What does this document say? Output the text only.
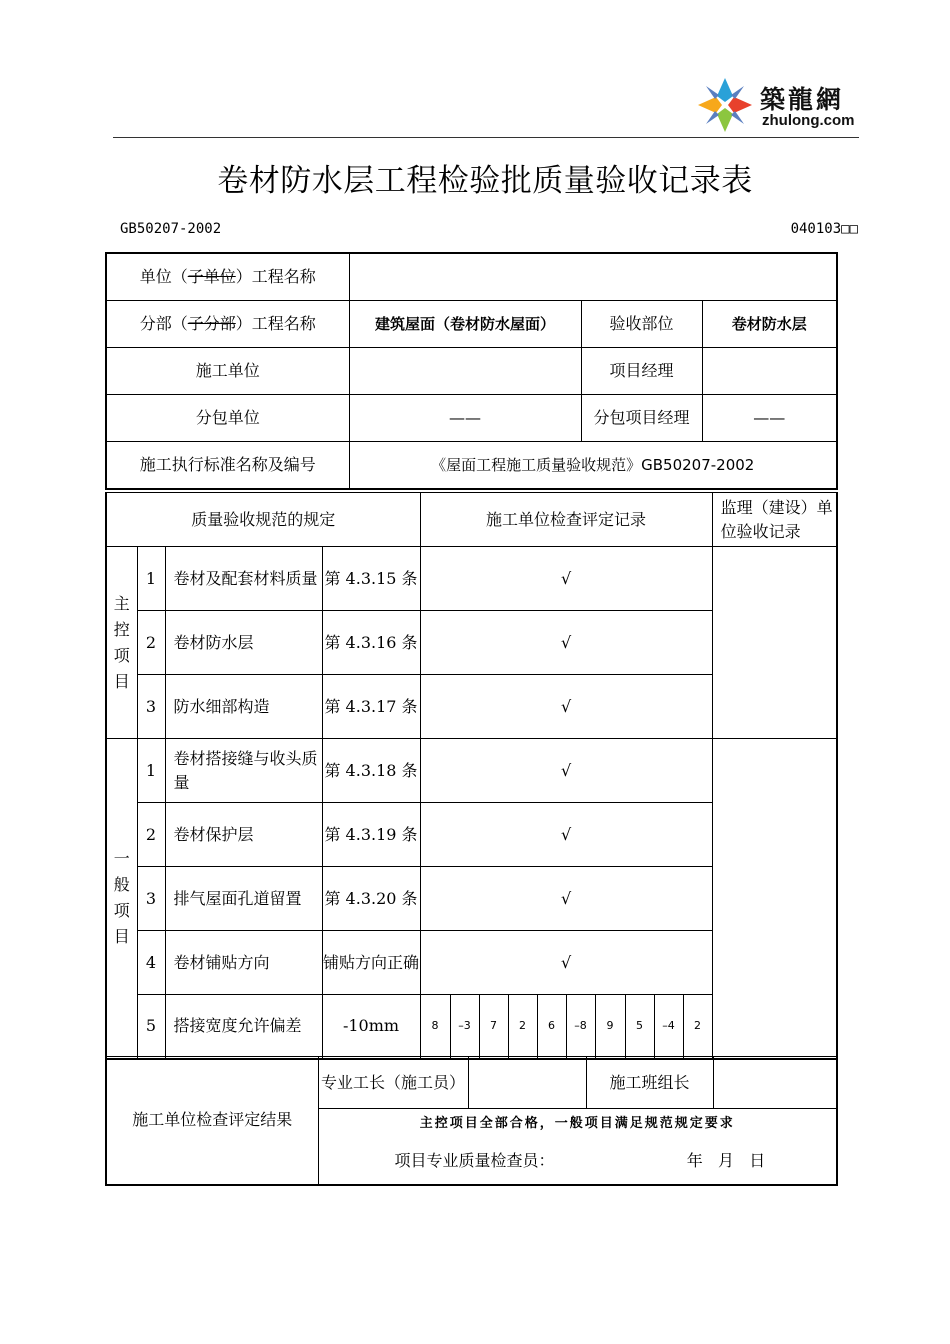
築龍網
zhulong.com
卷材防水层工程检验批质量验收记录表
GB50207-2002	040103□□
单位（子单位）工程名称			
分部（子分部）工程名称	建筑屋面（卷材防水屋面）	验收部位	卷材防水层
施工单位		项目经理	
分包单位	——	分包项目经理	——
施工执行标准名称及编号	《屋面工程施工质量验收规范》GB50207-2002		
质量验收规范的规定				施工单位检查评定记录										监理（建设）单位验收记录
主
控
项
目	1	卷材及配套材料质量	第 4.3.15 条	√										
	2	卷材防水层	第 4.3.16 条	√										
	3	防水细部构造	第 4.3.17 条	√										
一
般
项
目	1	卷材搭接缝与收头质量	第 4.3.18 条	√										
	2	卷材保护层	第 4.3.19 条	√										
	3	排气屋面孔道留置	第 4.3.20 条	√										
	4	卷材铺贴方向	铺贴方向正确	√										
	5	搭接宽度允许偏差	-10mm	8	–3	7	2	6	–8	9	5	–4	2	
施工单位检查评定结果	专业工长（施工员）		施工班组长	
主控项目全部合格，一般项目满足规范规定要求
项目专业质量检查员：	年   月   日
